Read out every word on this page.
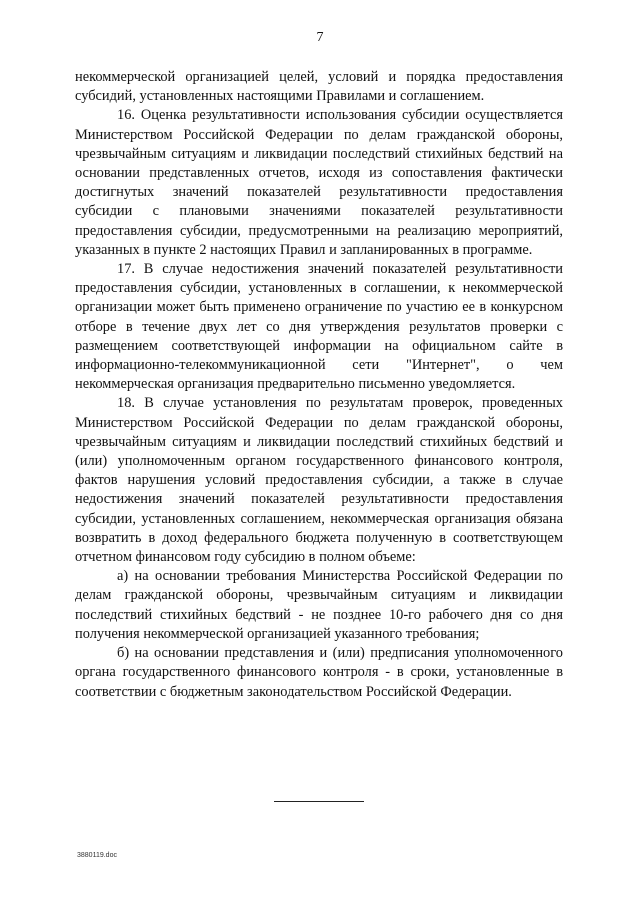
7

некоммерческой организацией целей, условий и порядка предоставления субсидий, установленных настоящими Правилами и соглашением.

16. Оценка результативности использования субсидии осуществляется Министерством Российской Федерации по делам гражданской обороны, чрезвычайным ситуациям и ликвидации последствий стихийных бедствий на основании представленных отчетов, исходя из сопоставления фактически достигнутых значений показателей результативности предоставления субсидии с плановыми значениями показателей результативности предоставления субсидии, предусмотренными на реализацию мероприятий, указанных в пункте 2 настоящих Правил и запланированных в программе.

17. В случае недостижения значений показателей результативности предоставления субсидии, установленных в соглашении, к некоммерческой организации может быть применено ограничение по участию ее в конкурсном отборе в течение двух лет со дня утверждения результатов проверки с размещением соответствующей информации на официальном сайте в информационно-телекоммуникационной сети "Интернет", о чем некоммерческая организация предварительно письменно уведомляется.

18. В случае установления по результатам проверок, проведенных Министерством Российской Федерации по делам гражданской обороны, чрезвычайным ситуациям и ликвидации последствий стихийных бедствий и (или) уполномоченным органом государственного финансового контроля, фактов нарушения условий предоставления субсидии, а также в случае недостижения значений показателей результативности предоставления субсидии, установленных соглашением, некоммерческая организация обязана возвратить в доход федерального бюджета полученную в соответствующем отчетном финансовом году субсидию в полном объеме:

а) на основании требования Министерства Российской Федерации по делам гражданской обороны, чрезвычайным ситуациям и ликвидации последствий стихийных бедствий - не позднее 10-го рабочего дня со дня получения некоммерческой организацией указанного требования;

б) на основании представления и (или) предписания уполномоченного органа государственного финансового контроля - в сроки, установленные в соответствии с бюджетным законодательством Российской Федерации.

3880119.doc
